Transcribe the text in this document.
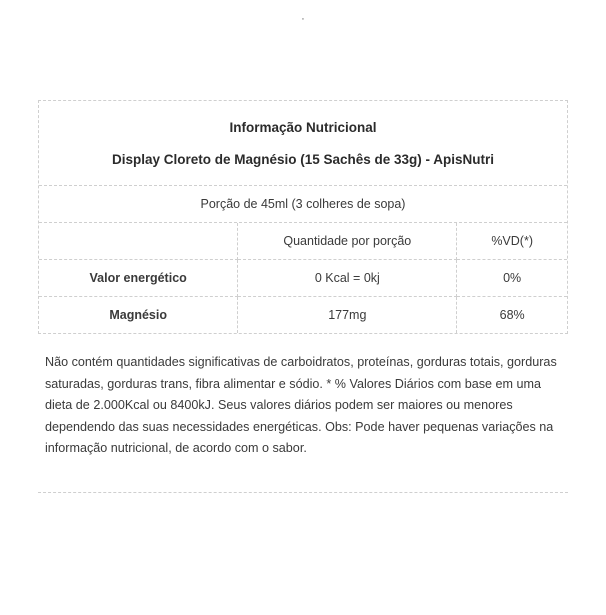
·
Informação Nutricional
Display Cloreto de Magnésio (15 Sachês de 33g) - ApisNutri
Porção de 45ml (3 colheres de sopa)
	Quantidade por porção	%VD(*)
Valor energético	0 Kcal = 0kj	0%
Magnésio	177mg	68%
Não contém quantidades significativas de carboidratos, proteínas, gorduras totais, gorduras saturadas, gorduras trans, fibra alimentar e sódio. * % Valores Diários com base em uma dieta de 2.000Kcal ou 8400kJ. Seus valores diários podem ser maiores ou menores dependendo das suas necessidades energéticas. Obs: Pode haver pequenas variações na informação nutricional, de acordo com o sabor.
